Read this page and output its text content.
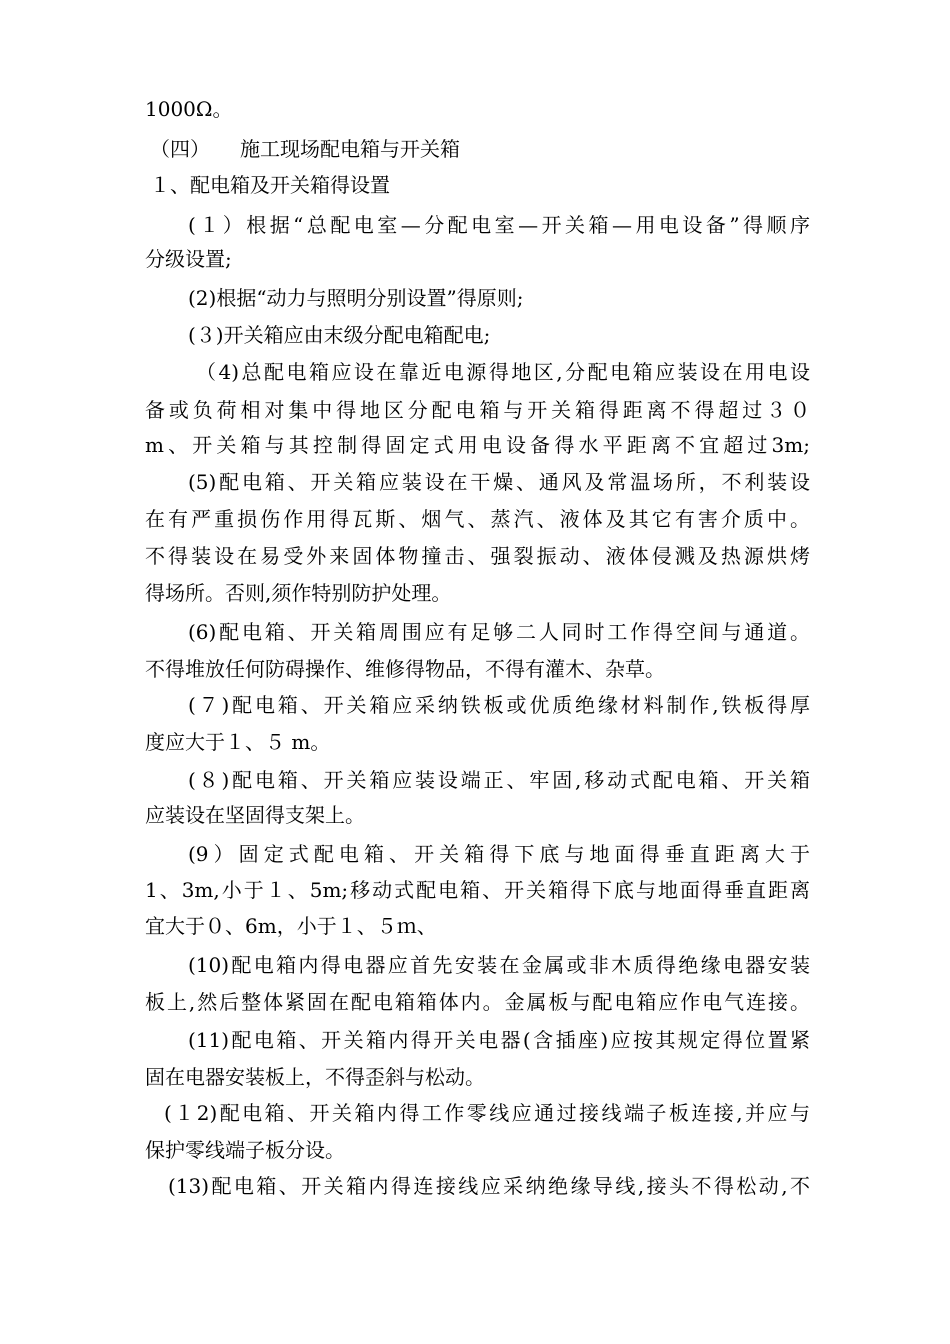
1000Ω。
（四）　　施工现场配电箱与开关箱
１、配电箱及开关箱得设置
(１）根据“总配电室—分配电室—开关箱—用电设备”得顺序
分级设置;
(2)根据“动力与照明分别设置”得原则;
(３)开关箱应由末级分配电箱配电;
（4)总配电箱应设在靠近电源得地区,分配电箱应装设在用电设
备或负荷相对集中得地区分配电箱与开关箱得距离不得超过３０
m、开关箱与其控制得固定式用电设备得水平距离不宜超过3m;
(5)配电箱、开关箱应装设在干燥、通风及常温场所，不利装设
在有严重损伤作用得瓦斯、烟气、蒸汽、液体及其它有害介质中。
不得装设在易受外来固体物撞击、强裂振动、液体侵溅及热源烘烤
得场所。否则,须作特别防护处理。
(6)配电箱、开关箱周围应有足够二人同时工作得空间与通道。
不得堆放任何防碍操作、维修得物品，不得有灌木、杂草。
(７)配电箱、开关箱应采纳铁板或优质绝缘材料制作,铁板得厚
度应大于１、５ m。
(８)配电箱、开关箱应装设端正、牢固,移动式配电箱、开关箱
应装设在坚固得支架上。
(9）固定式配电箱、开关箱得下底与地面得垂直距离大于
1、3m,小于１、5m;移动式配电箱、开关箱得下底与地面得垂直距离
宜大于０、6m，小于１、５ｍ、
(10)配电箱内得电器应首先安装在金属或非木质得绝缘电器安装
板上,然后整体紧固在配电箱箱体内。金属板与配电箱应作电气连接。
(11)配电箱、开关箱内得开关电器(含插座)应按其规定得位置紧
固在电器安装板上，不得歪斜与松动。
(１2)配电箱、开关箱内得工作零线应通过接线端子板连接,并应与
保护零线端子板分设。
(13)配电箱、开关箱内得连接线应采纳绝缘导线,接头不得松动,不
